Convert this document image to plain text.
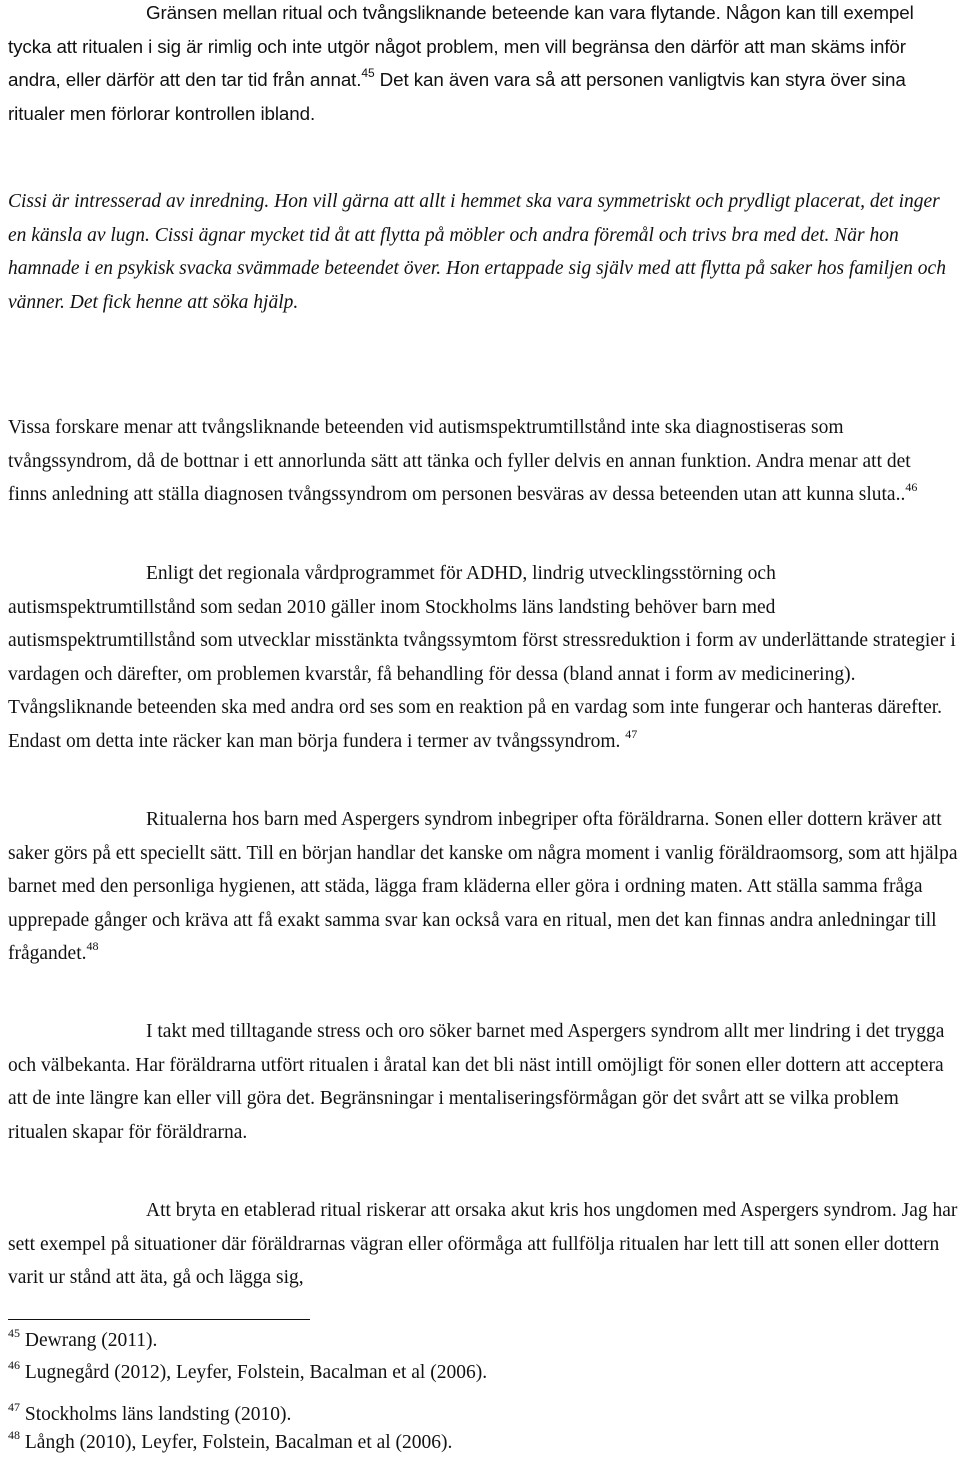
Gränsen mellan ritual och tvångsliknande beteende kan vara flytande. Någon kan till exempel tycka att ritualen i sig är rimlig och inte utgör något problem, men vill begränsa den därför att man skäms inför andra, eller därför att den tar tid från annat.$^{45}$ Det kan även vara så att personen vanligtvis kan styra över sina ritualer men förlorar kontrollen ibland.

Cissi är intresserad av inredning. Hon vill gärna att allt i hemmet ska vara symmetriskt och prydligt placerat, det inger en känsla av lugn. Cissi ägnar mycket tid åt att flytta på möbler och andra föremål och trivs bra med det. När hon hamnade i en psykisk svacka svämmade beteendet över. Hon ertappade sig själv med att flytta på saker hos familjen och vänner. Det fick henne att söka hjälp.

Vissa forskare menar att tvångsliknande beteenden vid autismspektrumtillstånd inte ska diagnostiseras som tvångssyndrom, då de bottnar i ett annorlunda sätt att tänka och fyller delvis en annan funktion. Andra menar att det finns anledning att ställa diagnosen tvångssyndrom om personen besväras av dessa beteenden utan att kunna sluta..$^{46}$

Enligt det regionala vårdprogrammet för ADHD, lindrig utvecklingsstörning och autismspektrumtillstånd som sedan 2010 gäller inom Stockholms läns landsting behöver barn med autismspektrumtillstånd som utvecklar misstänkta tvångssymtom först stressreduktion i form av underlättande strategier i vardagen och därefter, om problemen kvarstår, få behandling för dessa (bland annat i form av medicinering). Tvångsliknande beteenden ska med andra ord ses som en reaktion på en vardag som inte fungerar och hanteras därefter. Endast om detta inte räcker kan man börja fundera i termer av tvångssyndrom. $^{47}$

Ritualerna hos barn med Aspergers syndrom inbegriper ofta föräldrarna. Sonen eller dottern kräver att saker görs på ett speciellt sätt. Till en början handlar det kanske om några moment i vanlig föräldraomsorg, som att hjälpa barnet med den personliga hygienen, att städa, lägga fram kläderna eller göra i ordning maten. Att ställa samma fråga upprepade gånger och kräva att få exakt samma svar kan också vara en ritual, men det kan finnas andra anledningar till frågandet.$^{48}$

I takt med tilltagande stress och oro söker barnet med Aspergers syndrom allt mer lindring i det trygga och välbekanta. Har föräldrarna utfört ritualen i åratal kan det bli näst intill omöjligt för sonen eller dottern att acceptera att de inte längre kan eller vill göra det. Begränsningar i mentaliseringsförmågan gör det svårt att se vilka problem ritualen skapar för föräldrarna.

Att bryta en etablerad ritual riskerar att orsaka akut kris hos ungdomen med Aspergers syndrom. Jag har sett exempel på situationer där föräldrarnas vägran eller oförmåga att fullfölja ritualen har lett till att sonen eller dottern varit ur stånd att äta, gå och lägga sig,

$^{45}$ Dewrang (2011).

$^{46}$ Lugnegård (2012), Leyfer, Folstein, Bacalman et al (2006).

$^{47}$ Stockholms läns landsting (2010).

$^{48}$ Långh (2010), Leyfer, Folstein, Bacalman et al (2006).
